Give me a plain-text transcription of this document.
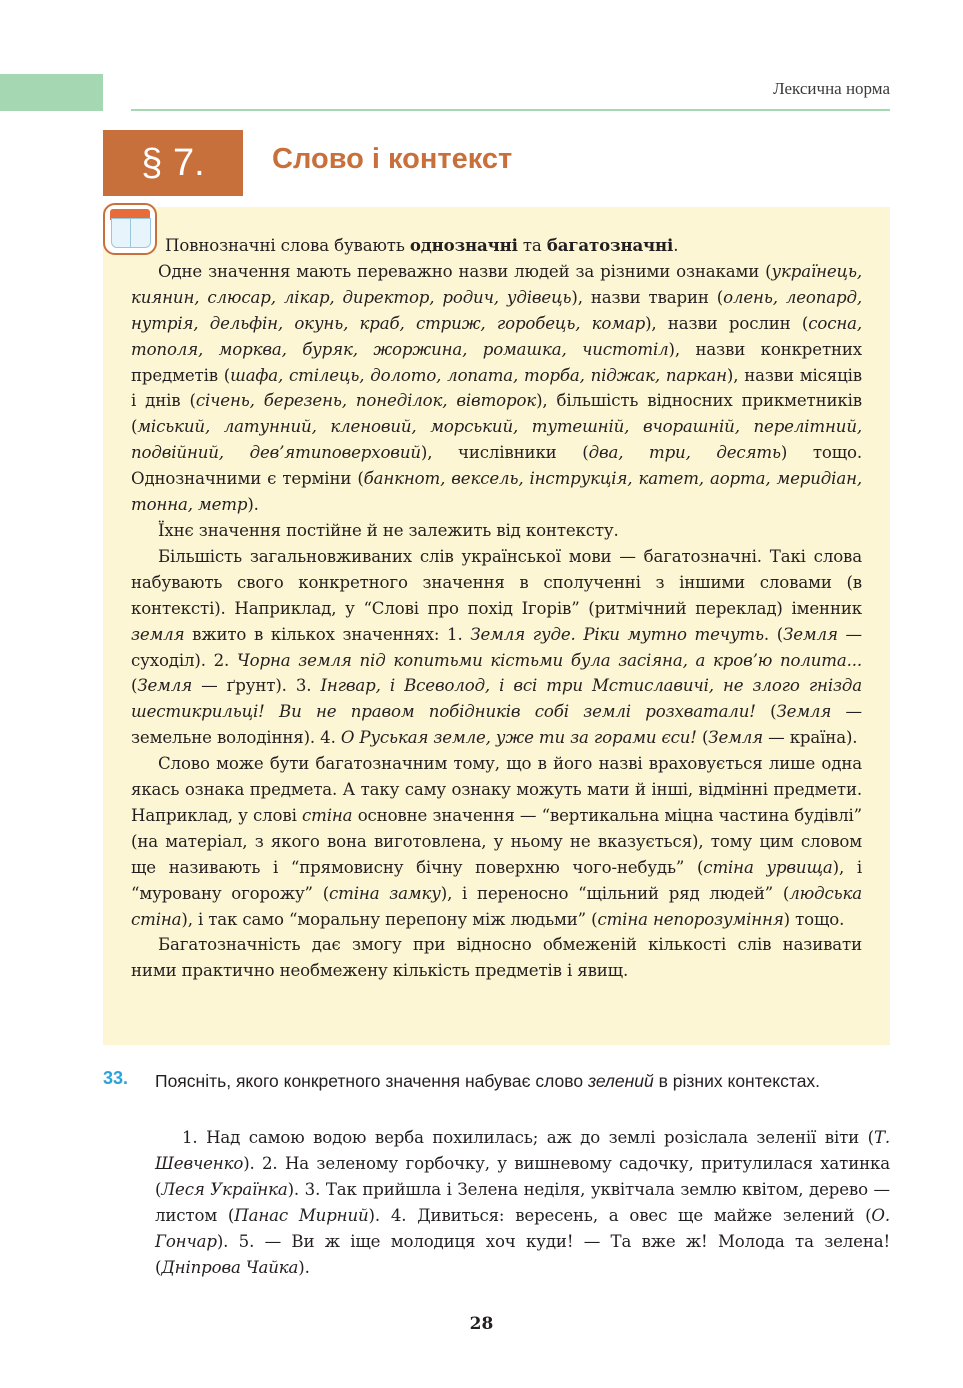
Лексична норма
§ 7.	Слово і контекст

Повнозначні слова бувають однозначні та багатозначні.

Одне значення мають переважно назви людей за різними ознаками (українець, киянин, слюсар, лікар, директор, родич, удівець), назви тварин (олень, леопард, нутрія, дельфін, окунь, краб, стриж, горобець, комар), назви рослин (сосна, тополя, морква, буряк, жоржина, ромашка, чистотіл), назви конкретних предметів (шафа, стілець, долото, лопата, торба, піджак, паркан), назви місяців і днів (січень, березень, понеділок, вівторок), більшість відносних прикметників (міський, латунний, кленовий, морський, тутешній, вчорашній, перелітний, подвійний, дев’ятиповерховий), числівники (два, три, десять) тощо. Однозначними є терміни (банкнот, вексель, інструкція, катет, аорта, меридіан, тонна, метр).

Їхнє значення постійне й не залежить від контексту.

Більшість загальновживаних слів української мови — багатозначні. Такі слова набувають свого конкретного значення в сполученні з іншими словами (в контексті). Наприклад, у “Слові про похід Ігорів” (ритмічний переклад) іменник земля вжито в кількох значеннях: 1. Земля гуде. Ріки мутно течуть. (Земля — суходіл). 2. Чорна земля під копитьми кістьми була засіяна, а кров’ю полита... (Земля — ґрунт). 3. Інгвар, і Всеволод, і всі три Мстиславичі, не злого гнізда шестикрильці! Ви не правом побідників собі землі розхватали! (Земля — земельне володіння). 4. О Руськая земле, уже ти за горами єси! (Земля — країна).

Слово може бути багатозначним тому, що в його назві враховується лише одна якась ознака предмета. А таку саму ознаку можуть мати й інші, відмінні предмети. Наприклад, у слові стіна основне значення — “вертикальна міцна частина будівлі” (на матеріал, з якого вона виготовлена, у ньому не вказується), тому цим словом ще називають і “прямовисну бічну поверхню чого-небудь” (стіна урвища), і “муровану огорожу” (стіна замку), і переносно “щільний ряд людей” (людська стіна), і так само “моральну перепону між людьми” (стіна непорозуміння) тощо.

Багатозначність дає змогу при відносно обмеженій кількості слів називати ними практично необмежену кількість предметів і явищ.

33. Поясніть, якого конкретного значення набуває слово зелений в різних контекстах.

1. Над самою водою верба похилилась; аж до землі розіслала зеленії віти (Т. Шевченко). 2. На зеленому горбочку, у вишневому садочку, притулилася хатинка (Леся Українка). 3. Так прийшла і Зелена неділя, уквітчала землю квітом, дерево — листом (Панас Мирний). 4. Дивиться: вересень, а овес ще майже зелений (О. Гончар). 5. — Ви ж іще молодиця хоч куди! — Та вже ж! Молода та зелена! (Дніпрова Чайка).

28
